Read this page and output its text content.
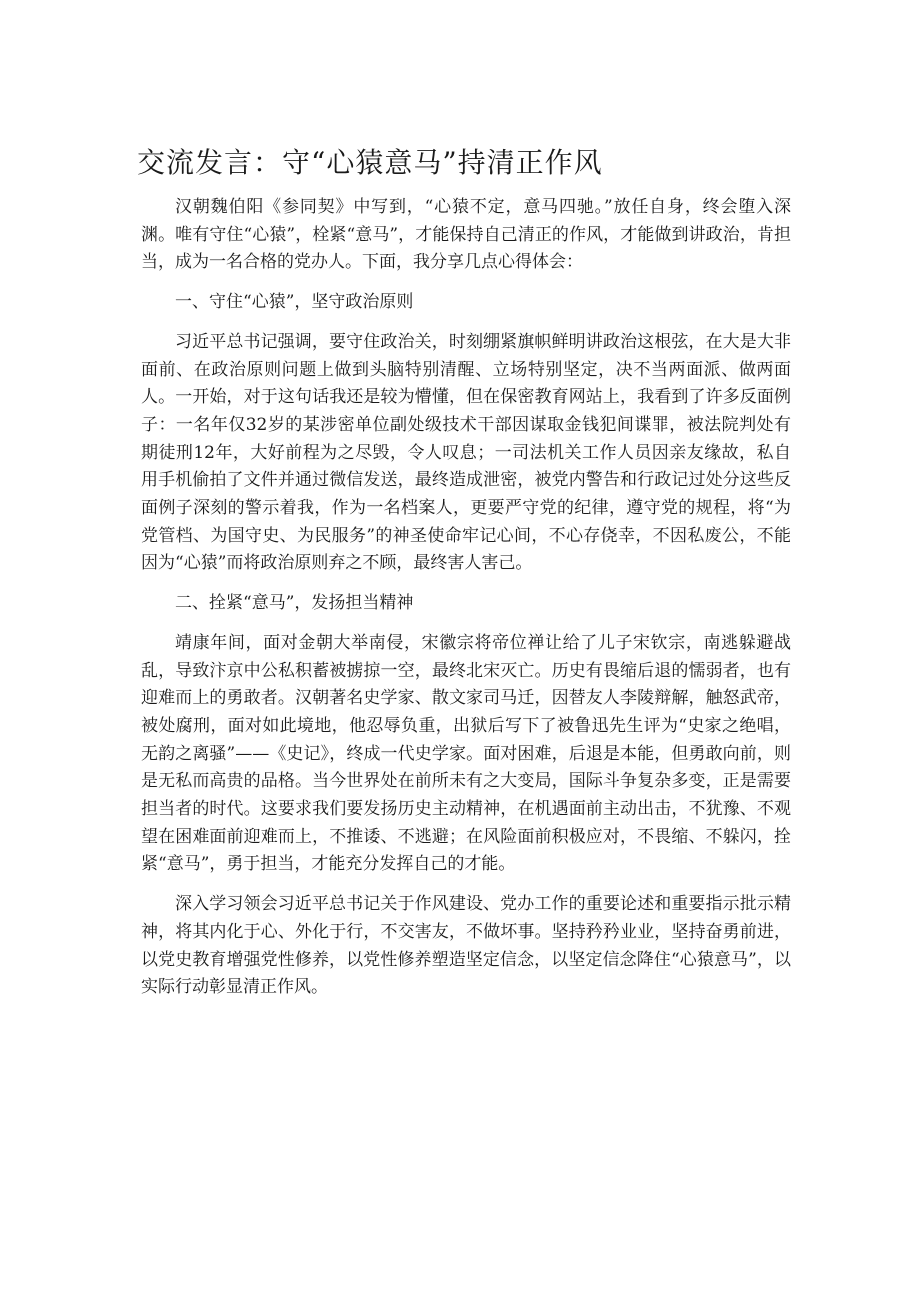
交流发言：守“心猿意马”持清正作风

汉朝魏伯阳《参同契》中写到，“心猿不定，意马四驰。”放任自身，终会堕入深渊。唯有守住“心猿”，栓紧“意马”，才能保持自己清正的作风，才能做到讲政治，肯担当，成为一名合格的党办人。下面，我分享几点心得体会：

一、守住“心猿”，坚守政治原则

习近平总书记强调，要守住政治关，时刻绷紧旗帜鲜明讲政治这根弦，在大是大非面前、在政治原则问题上做到头脑特别清醒、立场特别坚定，决不当两面派、做两面人。一开始，对于这句话我还是较为懵懂，但在保密教育网站上，我看到了许多反面例子：一名年仅32岁的某涉密单位副处级技术干部因谋取金钱犯间谍罪，被法院判处有期徒刑12年，大好前程为之尽毁，令人叹息；一司法机关工作人员因亲友缘故，私自用手机偷拍了文件并通过微信发送，最终造成泄密，被党内警告和行政记过处分这些反面例子深刻的警示着我，作为一名档案人，更要严守党的纪律，遵守党的规程，将“为党管档、为国守史、为民服务”的神圣使命牢记心间，不心存侥幸，不因私废公，不能因为“心猿”而将政治原则弃之不顾，最终害人害己。

二、拴紧“意马”，发扬担当精神

靖康年间，面对金朝大举南侵，宋徽宗将帝位禅让给了儿子宋钦宗，南逃躲避战乱，导致汴京中公私积蓄被掳掠一空，最终北宋灭亡。历史有畏缩后退的懦弱者，也有迎难而上的勇敢者。汉朝著名史学家、散文家司马迁，因替友人李陵辩解，触怒武帝，被处腐刑，面对如此境地，他忍辱负重，出狱后写下了被鲁迅先生评为“史家之绝唱，无韵之离骚”——《史记》，终成一代史学家。面对困难，后退是本能，但勇敢向前，则是无私而高贵的品格。当今世界处在前所未有之大变局，国际斗争复杂多变，正是需要担当者的时代。这要求我们要发扬历史主动精神，在机遇面前主动出击，不犹豫、不观望在困难面前迎难而上，不推诿、不逃避；在风险面前积极应对，不畏缩、不躲闪，拴紧“意马”，勇于担当，才能充分发挥自己的才能。

深入学习领会习近平总书记关于作风建设、党办工作的重要论述和重要指示批示精神，将其内化于心、外化于行，不交害友，不做坏事。坚持矜矜业业，坚持奋勇前进，以党史教育增强党性修养，以党性修养塑造坚定信念，以坚定信念降住“心猿意马”，以实际行动彰显清正作风。
